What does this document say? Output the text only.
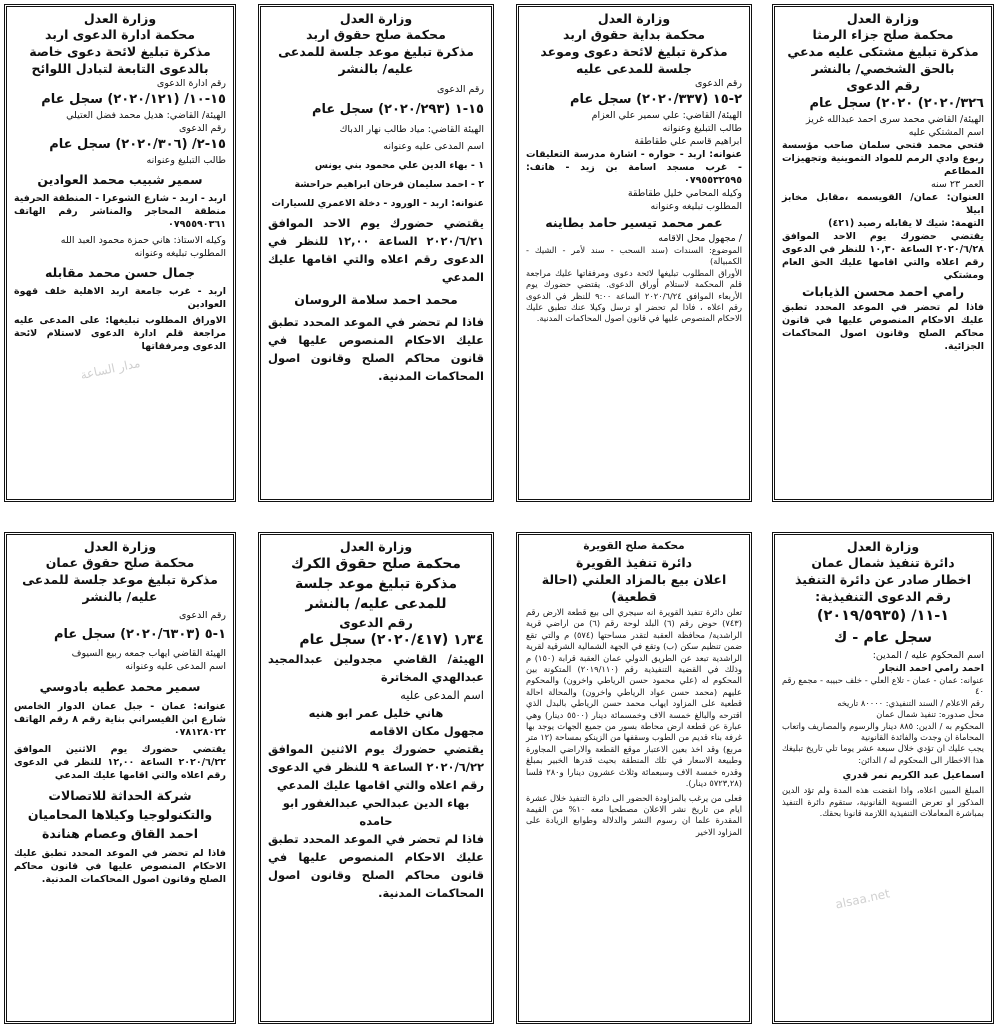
وزارة العدل
محكمة صلح جزاء الرمثا
مذكرة تبليغ مشتكى عليه مدعي بالحق الشخصي/ بالنشر
رقم الدعوى
٢٠٢٠/٣٢٦) ٢٠٢٠) سجل عام
الهيئة/ القاضي محمد سرى احمد عبدالله غريز
اسم المشتكي عليه
فتحي محمد فتحي سلمان صاحب مؤسسة ربوع وادي الرمم للمواد التموينية وتجهيزات المطاعم
العمر ٢٣ سنه
العنوان: عمان/ القويسمه ،مقابل مخابز ابيلا
التهمة: شيك لا يقابله رصيد (٤٢١)
يقتضي حضورك يوم الاحد الموافق ٢٠٢٠/٦/٢٨ الساعة ١٠,٣٠ للنظر في الدعوى رقم اعلاه والتي اقامها عليك الحق العام ومشتكي
رامي احمد محسن الذيابات
فاذا لم تحضر في الموعد المحدد تطبق عليك الاحكام المنصوص عليها في قانون محاكم الصلح وقانون اصول المحاكمات الجزائية.
وزارة العدل
محكمة بداية حقوق اربد
مذكرة تبليغ لائحة دعوى وموعد جلسة للمدعى عليه
رقم الدعوى
٢-١٥ (٢٠٢٠/٣٣٧) سجل عام
الهيئة/ القاضي: علي سمير علي العزام
طالب التبليغ وعنوانه
ابراهيم قاسم علي طقاطقة
عنوانه: اربد - حواره - اشارة مدرسة التعليقات - غرب مسجد اسامة بن زيد - هاتف: ٠٧٩٥٥٣٢٥٩٥
وكيله المحامي خليل طقاطقة
المطلوب تبليغه وعنوانه
عمر محمد تيسير حامد بطاينه
/ مجهول محل الاقامه
الموضوع: السندات (سند السحب - سند لأمر - الشيك - الكمبيالة)
الأوراق المطلوب تبليغها لائحة دعوى ومرفقاتها عليك مراجعة قلم المحكمة لاستلام أوراق الدعوى. يقتضي حضورك يوم الأربعاء الموافق ٢٠٢٠/٦/٢٤ الساعة ٩:٠٠ للنظر في الدعوى رقم اعلاه ، فاذا لم تحضر او ترسل وكيلا عنك تطبق عليك الاحكام المنصوص عليها في قانون اصول المحاكمات المدنية.
وزارة العدل
محكمة صلح حقوق اربد
مذكرة تبليغ موعد جلسة للمدعى عليه/ بالنشر
رقم الدعوى
١٥-١ (٢٠٢٠/٢٩٣) سجل عام
الهيئة القاضي: مياد طالب نهار الدباك
اسم المدعى عليه وعنوانه
١ - بهاء الدين علي محمود بني يونس
٢ - احمد سليمان فرحان ابراهيم حراحشة
عنوانه: اربد - الورود - دخلة الاعمري للسيارات
يقتضي حضورك يوم الاحد الموافق ٢٠٢٠/٦/٢١ الساعة ١٢,٠٠ للنظر في الدعوى رقم اعلاه والتي اقامها عليك المدعي
محمد احمد سلامة الروسان
فاذا لم تحضر في الموعد المحدد تطبق عليك الاحكام المنصوص عليها في قانون محاكم الصلح وقانون اصول المحاكمات المدنية.
وزارة العدل
محكمة ادارة الدعوى اربد
مذكرة تبليغ لائحة دعوى خاصة بالدعوى التابعة لتبادل اللوائح
رقم ادارة الدعوى
١٥-١٠/ (٢٠٢٠/١٢١) سجل عام
الهيئة/ القاضي: هديل محمد فضل العتيلي
رقم الدعوى
١٥-٢/ (٢٠٢٠/٣٠٦) سجل عام
طالب التبليغ وعنوانه
سمير شبيب محمد العوادين
اربد - اربد - شارع الشوعرا - المنطقة الحرفية منطقة المحاجر والمناشر رقم الهاتف ٠٧٩٥٥٩٠٣٦١
وكيله الاستاذ: هاني حمزة محمود العبد الله
المطلوب تبليغه وعنوانه
جمال حسن محمد مقابله
اربد - غرب جامعة اربد الاهلية خلف قهوة العوادين
الاوراق المطلوب تبليغها: على المدعى عليه مراجعة قلم ادارة الدعوى لاستلام لائحة الدعوى ومرفقاتها
وزارة العدل
دائرة تنفيذ شمال عمان
اخطار صادر عن دائرة التنفيذ
رقم الدعوى التنفيذية:
١-١١/ (٢٠١٩/٥٩٣٥)
سجل عام - ك
اسم المحكوم عليه / المدين:
احمد رامي احمد النجار
عنوانه: عمان - عمان - تلاع العلي - خلف حبيبه - مجمع رقم ٤٠
رقم الاعلام / السند التنفيذي: ٨٠٠٠٠ تاريخه
محل صدوره: تنفيذ شمال عمان
المحكوم به / الدين: ٨٨٥ دينار والرسوم والمصاريف واتعاب المحاماة ان وجدت والفائدة القانونية
يجب عليك ان تؤدي خلال سبعة عشر يوما تلي تاريخ تبليغك هذا الاخطار الى المحكوم له / الدائن:
اسماعيل عبد الكريم نمر قدري
المبلغ المبين اعلاه، واذا انقضت هذه المدة ولم تؤد الدين المذكور او تعرض التسوية القانونية، ستقوم دائرة التنفيذ بمباشرة المعاملات التنفيذية اللازمة قانونا بحقك.
محكمة صلح القويرة
دائرة تنفيذ القويرة
اعلان بيع بالمزاد العلني (احالة قطعية)
تعلن دائرة تنفيذ القويرة انه سيجري الى بيع قطعة الارض رقم (٧٤٣) حوض رقم (٦) البلد لوحة رقم (٦) من اراضي قرية الراشدية/ محافظة العقبة لتقدر مساحتها (٥٧٤) م والتي تقع ضمن تنظيم سكن (ب) وتقع في الجهة الشمالية الشرقية لقرية الراشدية تبعد عن الطريق الدولي عمان العقبة قرابة (١٥٠) م وذلك في القضية التنفيذية رقم (٢٠١٩/١١٠) المتكونة بين المحكوم له (علي محمود حسن الرياطي واخرون) والمحكوم عليهم (محمد حسن عواد الرياطي واخرون) والمحالة احالة قطعية على المزاود ايهاب محمد حسن الرياطي بالبدل الذي اقترحه والبالغ خمسة الاف وخمسمائة دينار (٥٥٠٠ دينار) وهي عبارة عن قطعة ارض محاطة بسور من جميع الجهات يوجد بها غرفة بناء قديم من الطوب وسقفها من الزينكو بمساحة (١٢ متر مربع) وقد اخذ بعين الاعتبار موقع القطعة والاراضي المجاورة وطبيعة الاسعار في تلك المنطقة بحيث قدرها الخبير بمبلغ وقدره خمسة الاف وسبعمائة وثلاث عشرون دينارا و٢٨٠ فلسا (٥٧٢٣,٢٨ دينار).
فعلى من يرغب بالمزاودة الحضور الى دائرة التنفيذ خلال عشرة ايام من تاريخ نشر الاعلان مصطحبا معه ١٠% من القيمة المقدرة علما ان رسوم النشر والدلالة وطوابع الزيادة على المزاود الاخير
وزارة العدل
محكمة صلح حقوق الكرك
مذكرة تبليغ موعد جلسة للمدعى عليه/ بالنشر
رقم الدعوى
١٫٣٤ (٢٠٢٠/٤١٧) سجل عام
الهيئة/ القاضي مجدولين عبدالمجيد عبدالهدي المخاترة
اسم المدعى عليه
هاني خليل عمر ابو هنيه
مجهول مكان الاقامه
يقتضي حضورك يوم الاثنين الموافق ٢٠٢٠/٦/٢٢ الساعة ٩ للنظر في الدعوى رقم اعلاه والتي اقامها عليك المدعي
بهاء الدين عبدالحي عبدالغفور ابو حامده
فاذا لم تحضر في الموعد المحدد تطبق عليك الاحكام المنصوص عليها في قانون محاكم الصلح وقانون اصول المحاكمات المدنية.
وزارة العدل
محكمة صلح حقوق عمان
مذكرة تبليغ موعد جلسة للمدعى عليه/ بالنشر
رقم الدعوى
١-٥ (٢٠٢٠/٦٣٠٣) سجل عام
الهيئة القاضي ايهاب جمعه ربيع السيوف
اسم المدعى عليه وعنوانه
سمير محمد عطيه بادوسي
عنوانه: عمان - جبل عمان الدوار الخامس شارع ابن القيسراني بناية رقم ٨ رقم الهاتف ٠٧٨١٢٨٠٢٢
يقتضي حضورك يوم الاثنين الموافق ٢٠٢٠/٦/٢٢ الساعة ١٢,٠٠ للنظر في الدعوى رقم اعلاه والتي اقامها عليك المدعي
شركة الحداثة للاتصالات والتكنولوجيا وكيلاها المحاميان احمد القاق وعصام هناندة
فاذا لم تحضر في الموعد المحدد تطبق عليك الاحكام المنصوص عليها في قانون محاكم الصلح وقانون اصول المحاكمات المدنية.
مدار الساعة
alsaa.net
